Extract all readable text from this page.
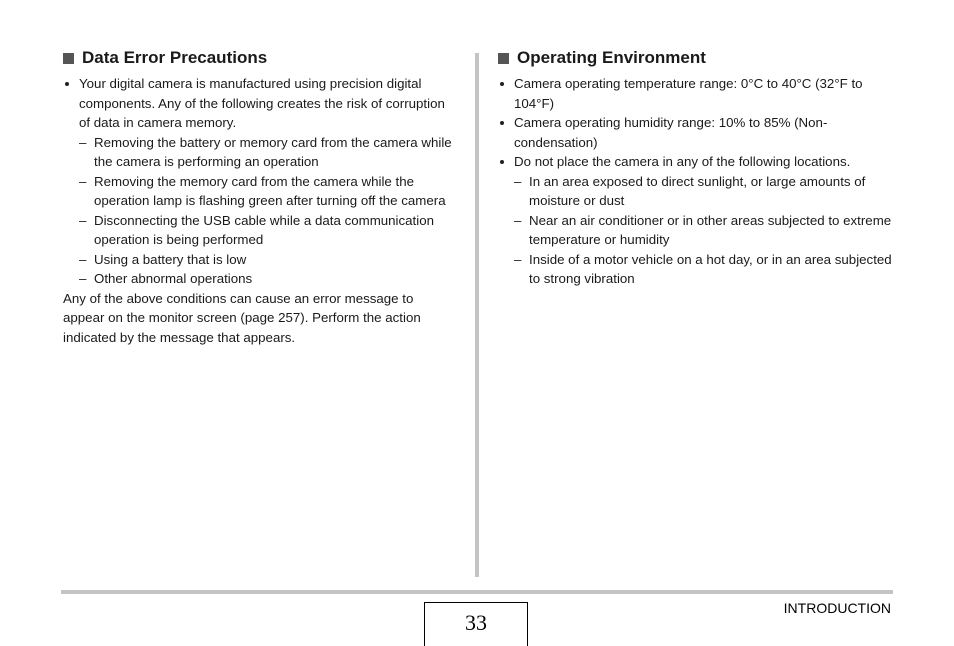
Data Error Precautions
Your digital camera is manufactured using precision digital components. Any of the following creates the risk of corruption of data in camera memory.
– Removing the battery or memory card from the camera while the camera is performing an operation
– Removing the memory card from the camera while the operation lamp is flashing green after turning off the camera
– Disconnecting the USB cable while a data communication operation is being performed
– Using a battery that is low
– Other abnormal operations

Any of the above conditions can cause an error message to appear on the monitor screen (page 257). Perform the action indicated by the message that appears.

Operating Environment
Camera operating temperature range: 0°C to 40°C (32°F to 104°F)
Camera operating humidity range: 10% to 85% (Non-condensation)
Do not place the camera in any of the following locations.
– In an area exposed to direct sunlight, or large amounts of moisture or dust
– Near an air conditioner or in other areas subjected to extreme temperature or humidity
– Inside of a motor vehicle on a hot day, or in an area subjected to strong vibration
33
INTRODUCTION
